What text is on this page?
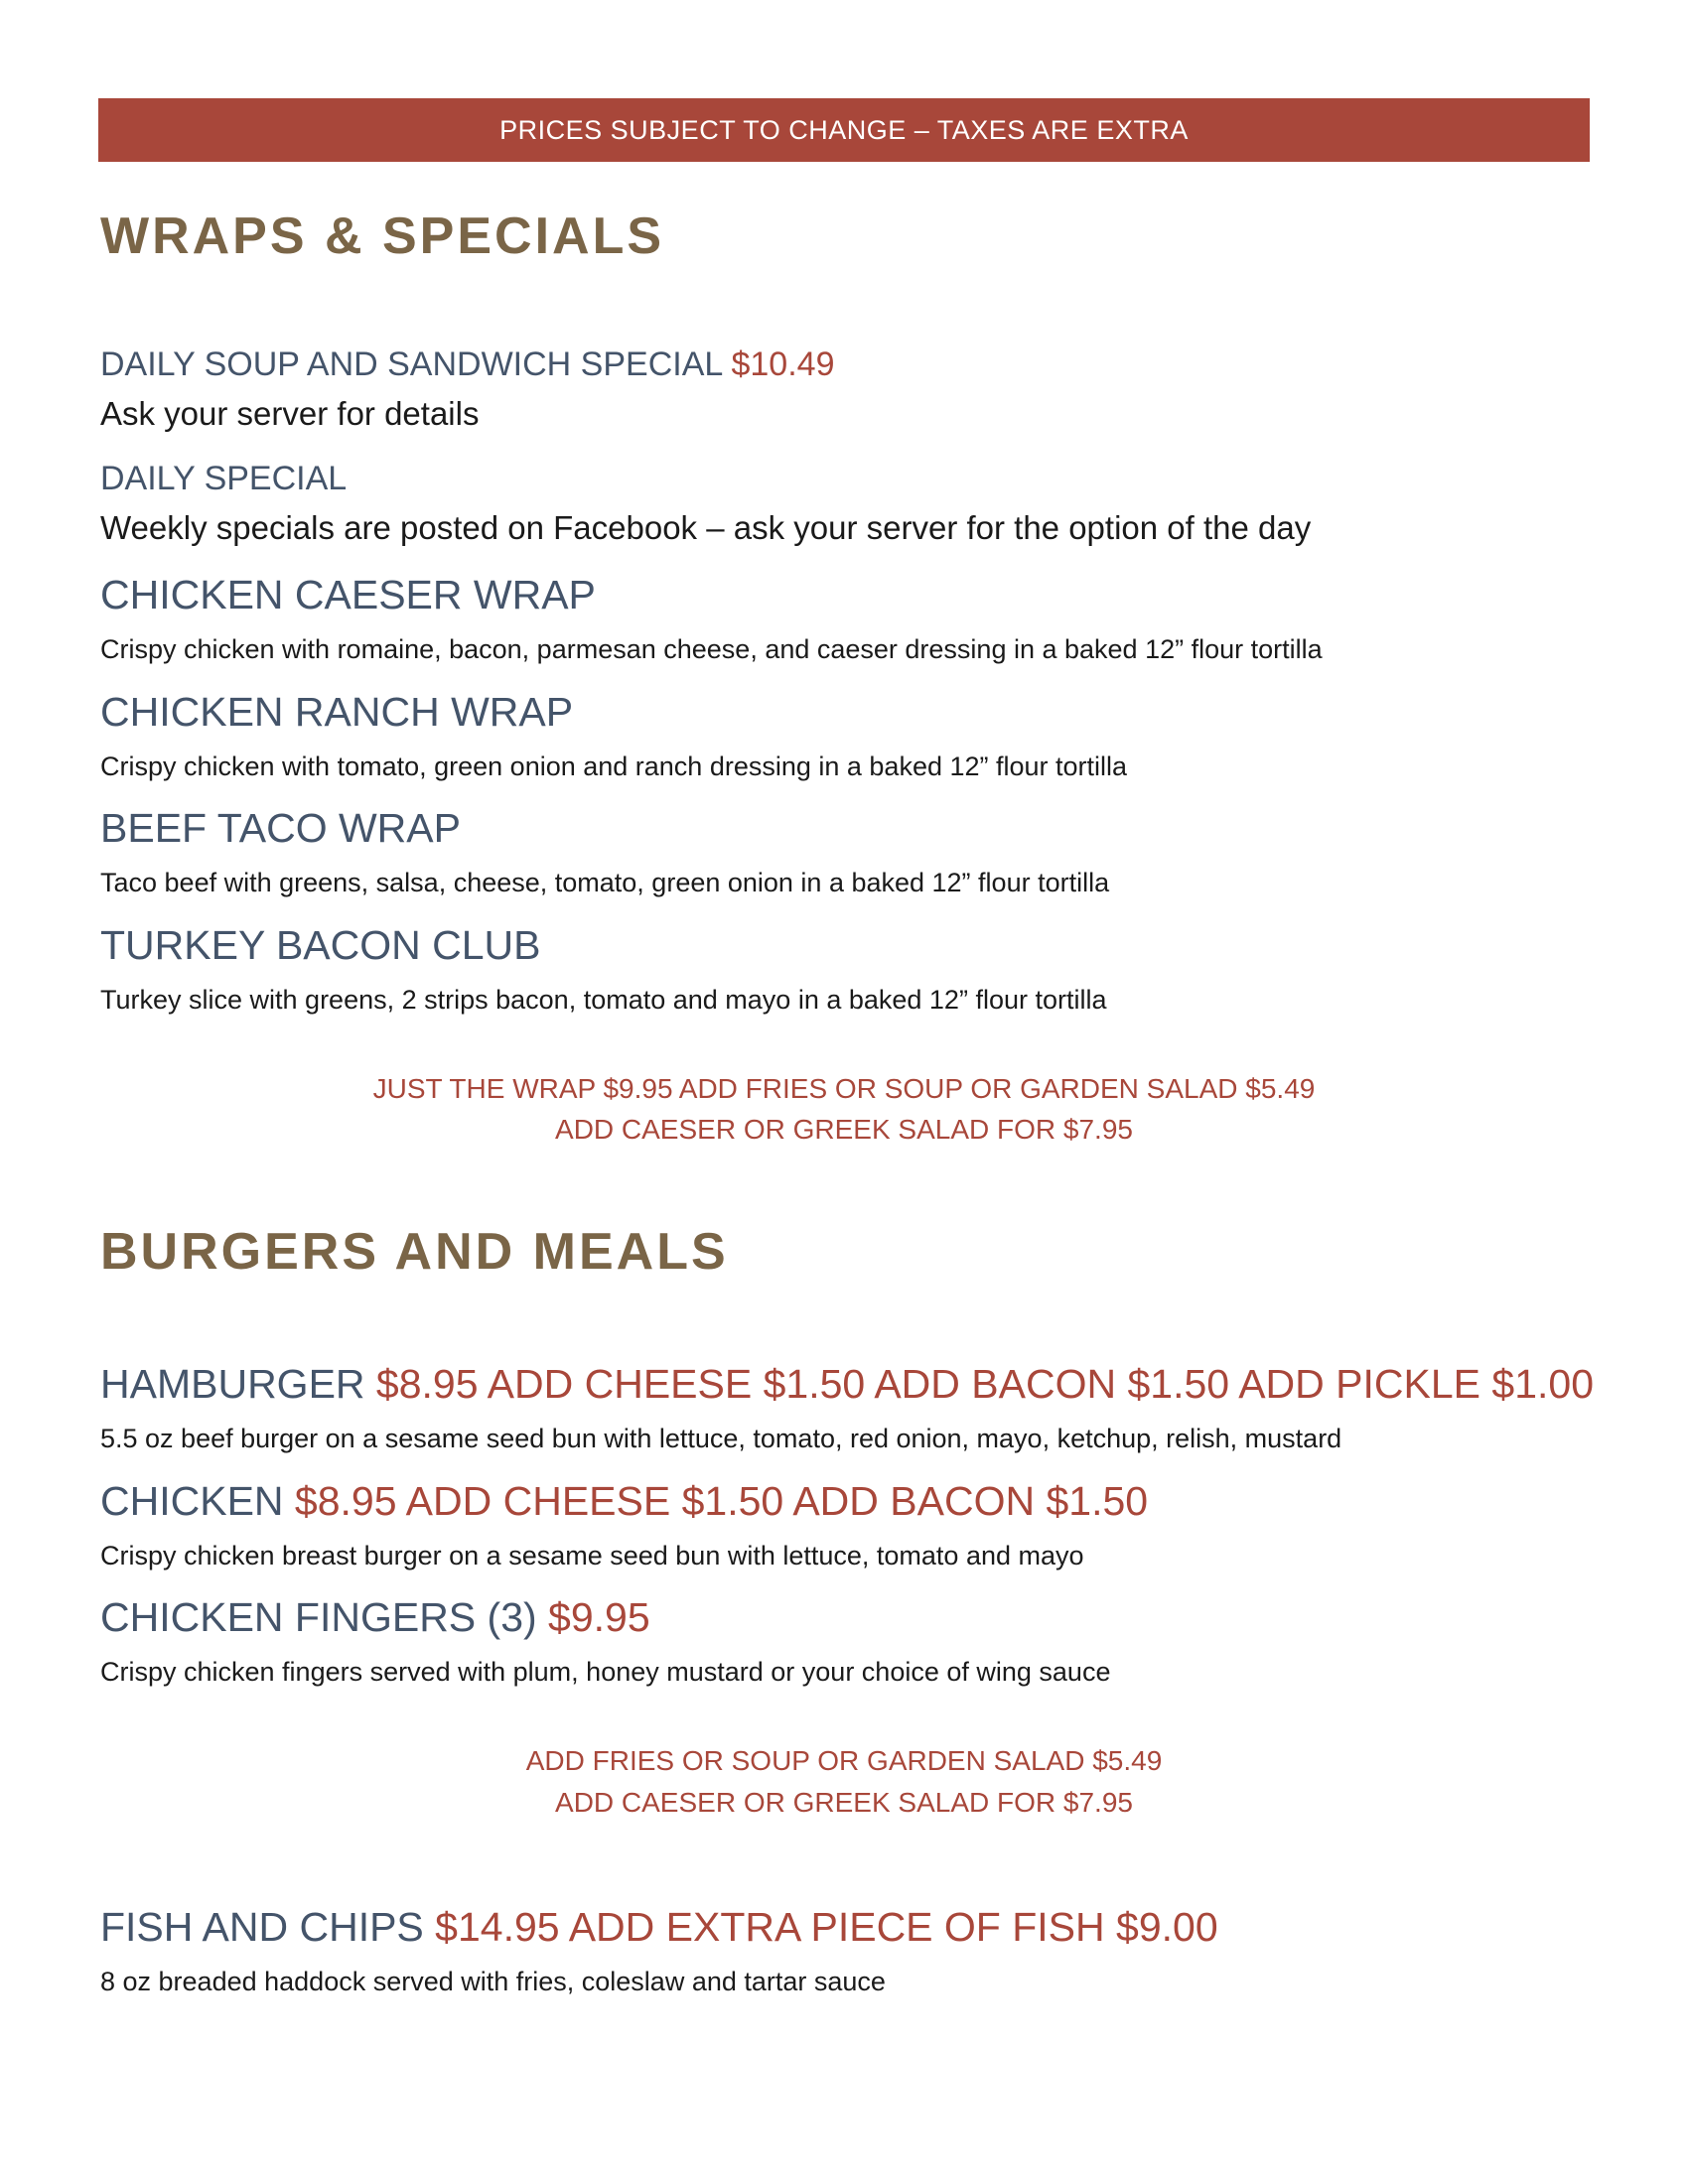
PRICES SUBJECT TO CHANGE – TAXES ARE EXTRA
WRAPS & SPECIALS
DAILY SOUP AND SANDWICH SPECIAL $10.49
Ask your server for details
DAILY SPECIAL
Weekly specials are posted on Facebook – ask your server for the option of the day
CHICKEN CAESER WRAP
Crispy chicken with romaine, bacon, parmesan cheese, and caeser dressing in a baked 12” flour tortilla
CHICKEN RANCH WRAP
Crispy chicken with tomato, green onion and ranch dressing in a baked 12” flour tortilla
BEEF TACO WRAP
Taco beef with greens, salsa, cheese, tomato, green onion in a baked 12” flour tortilla
TURKEY BACON CLUB
Turkey slice with greens, 2 strips bacon, tomato and mayo in a baked 12” flour tortilla
JUST THE WRAP $9.95 ADD FRIES OR SOUP OR GARDEN SALAD $5.49
ADD CAESER OR GREEK SALAD FOR $7.95
BURGERS AND MEALS
HAMBURGER $8.95 ADD CHEESE $1.50 ADD BACON $1.50 ADD PICKLE $1.00
5.5 oz beef burger on a sesame seed bun with lettuce, tomato, red onion, mayo, ketchup, relish, mustard
CHICKEN $8.95 ADD CHEESE $1.50 ADD BACON $1.50
Crispy chicken breast burger on a sesame seed bun with lettuce, tomato and mayo
CHICKEN FINGERS (3) $9.95
Crispy chicken fingers served with plum, honey mustard or your choice of wing sauce
ADD FRIES OR SOUP OR GARDEN SALAD $5.49
ADD CAESER OR GREEK SALAD FOR $7.95
FISH AND CHIPS $14.95 ADD EXTRA PIECE OF FISH $9.00
8 oz breaded haddock served with fries, coleslaw and tartar sauce
